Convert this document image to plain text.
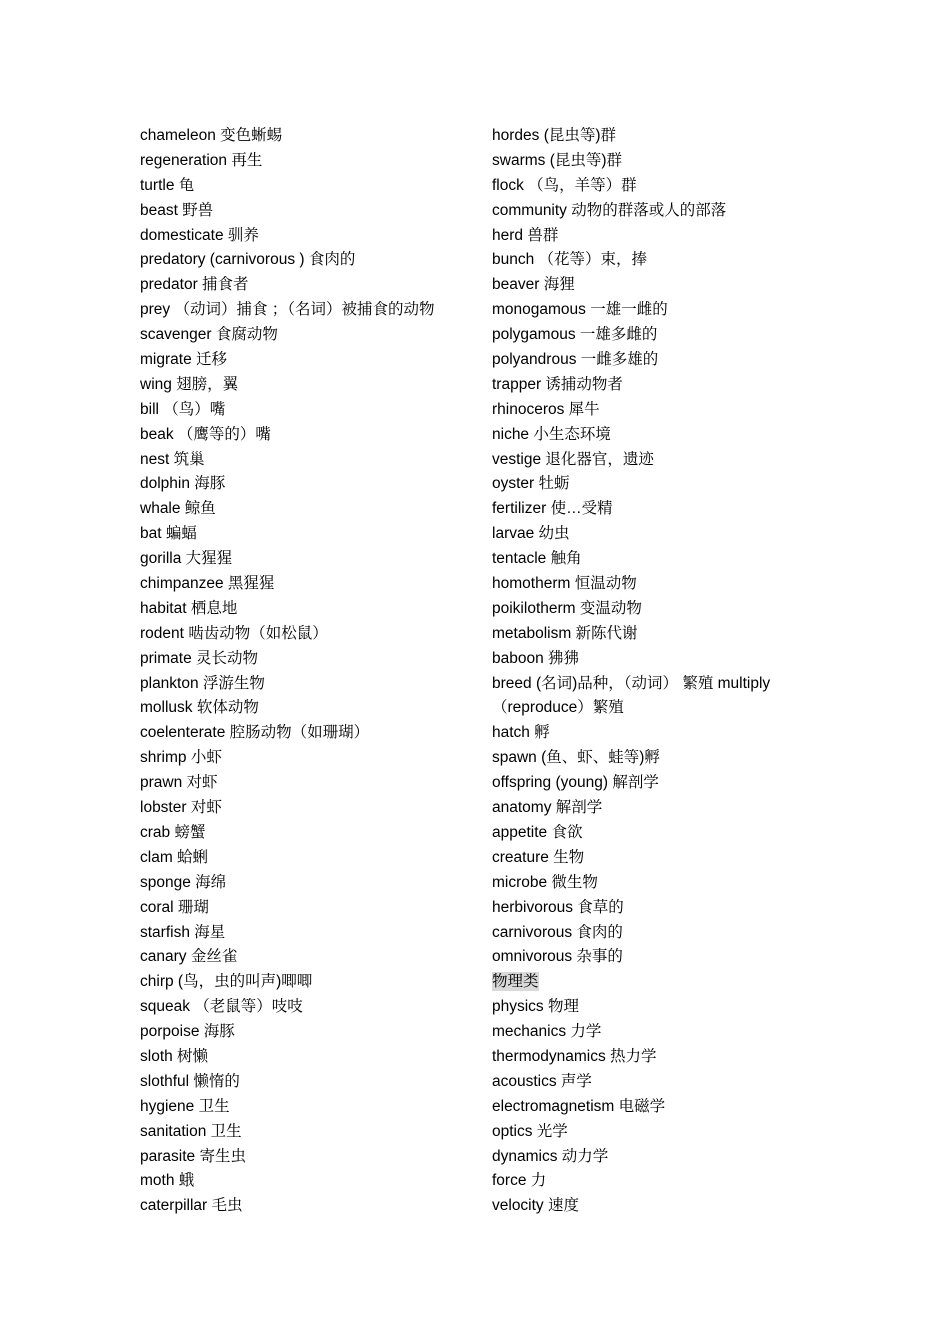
chameleon 变色蜥蜴
regeneration 再生
turtle 龟
beast 野兽
domesticate 驯养
predatory (carnivorous ) 食肉的
predator 捕食者
prey （动词）捕食 ；（名词）被捕食的动物
scavenger 食腐动物
migrate 迁移
wing 翅膀，翼
bill （鸟）嘴
beak （鹰等的）嘴
nest 筑巢
dolphin 海豚
whale 鲸鱼
bat 蝙蝠
gorilla 大猩猩
chimpanzee 黑猩猩
habitat 栖息地
rodent 啮齿动物（如松鼠）
primate 灵长动物
plankton 浮游生物
mollusk 软体动物
coelenterate 腔肠动物（如珊瑚）
shrimp 小虾
prawn 对虾
lobster 对虾
crab 螃蟹
clam 蛤蜊
sponge 海绵
coral 珊瑚
starfish 海星
canary 金丝雀
chirp (鸟，虫的叫声)唧唧
squeak （老鼠等）吱吱
porpoise 海豚
sloth 树懒
slothful 懒惰的
hygiene 卫生
sanitation 卫生
parasite 寄生虫
moth 蛾
caterpillar 毛虫
hordes (昆虫等)群
swarms (昆虫等)群
flock （鸟，羊等）群
community 动物的群落或人的部落
herd 兽群
bunch （花等）束，捧
beaver 海狸
monogamous 一雄一雌的
polygamous 一雄多雌的
polyandrous 一雌多雄的
trapper 诱捕动物者
rhinoceros 犀牛
niche 小生态环境
vestige 退化器官，遗迹
oyster 牡蛎
fertilizer 使…受精
larvae 幼虫
tentacle 触角
homotherm 恒温动物
poikilotherm 变温动物
metabolism 新陈代谢
baboon 狒狒
breed (名词)品种，（动词） 繁殖 multiply
（reproduce）繁殖
hatch 孵
spawn (鱼、虾、蛙等)孵
offspring (young) 解剖学
anatomy 解剖学
appetite 食欲
creature 生物
microbe 微生物
herbivorous 食草的
carnivorous 食肉的
omnivorous 杂事的
物理类
physics 物理
mechanics 力学
thermodynamics 热力学
acoustics 声学
electromagnetism 电磁学
optics 光学
dynamics 动力学
force 力
velocity 速度
